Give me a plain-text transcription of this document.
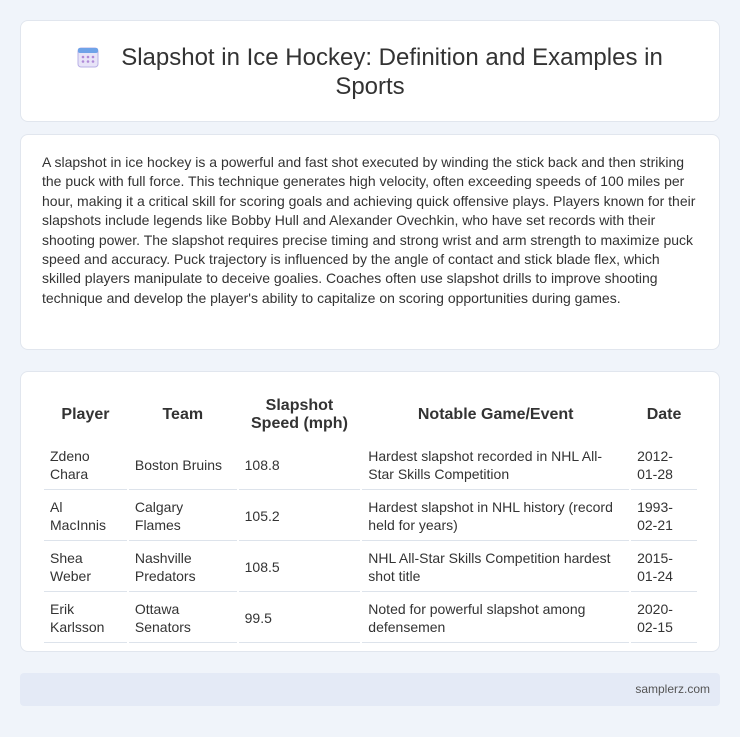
Slapshot in Ice Hockey: Definition and Examples in Sports

A slapshot in ice hockey is a powerful and fast shot executed by winding the stick back and then striking the puck with full force. This technique generates high velocity, often exceeding speeds of 100 miles per hour, making it a critical skill for scoring goals and achieving quick offensive plays. Players known for their slapshots include legends like Bobby Hull and Alexander Ovechkin, who have set records with their shooting power. The slapshot requires precise timing and strong wrist and arm strength to maximize puck speed and accuracy. Puck trajectory is influenced by the angle of contact and stick blade flex, which skilled players manipulate to deceive goalies. Coaches often use slapshot drills to improve shooting technique and develop the player's ability to capitalize on scoring opportunities during games.

Player	Team	Slapshot Speed (mph)	Notable Game/Event	Date
Zdeno Chara	Boston Bruins	108.8	Hardest slapshot recorded in NHL All-Star Skills Competition	2012-01-28
Al MacInnis	Calgary Flames	105.2	Hardest slapshot in NHL history (record held for years)	1993-02-21
Shea Weber	Nashville Predators	108.5	NHL All-Star Skills Competition hardest shot title	2015-01-24
Erik Karlsson	Ottawa Senators	99.5	Noted for powerful slapshot among defensemen	2020-02-15
samplerz.com
